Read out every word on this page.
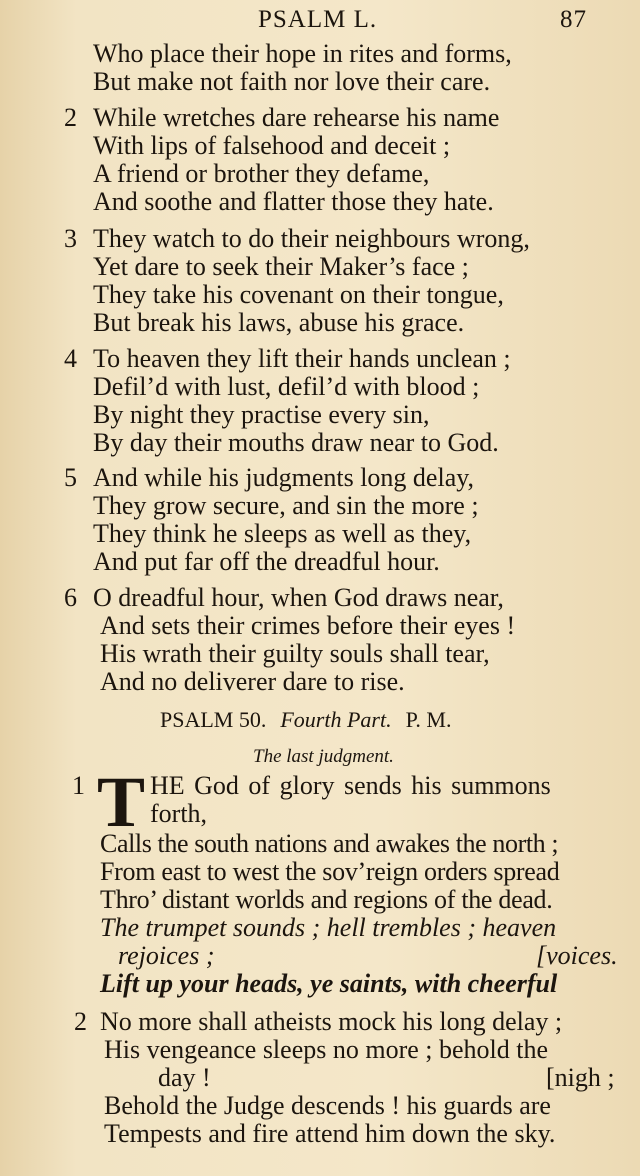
PSALM L.	87
Who place their hope in rites and forms,
But make not faith nor love their care.
2 While wretches dare rehearse his name
With lips of falsehood and deceit ;
A friend or brother they defame,
And soothe and flatter those they hate.
3 They watch to do their neighbours wrong,
Yet dare to seek their Maker’s face ;
They take his covenant on their tongue,
But break his laws, abuse his grace.
4 To heaven they lift their hands unclean ;
Defil’d with lust, defil’d with blood ;
By night they practise every sin,
By day their mouths draw near to God.
5 And while his judgments long delay,
They grow secure, and sin the more ;
They think he sleeps as well as they,
And put far off the dreadful hour.
6 O dreadful hour, when God draws near,
And sets their crimes before their eyes !
His wrath their guilty souls shall tear,
And no deliverer dare to rise.
PSALM 50. Fourth Part. P. M.
The last judgment.
1 T HE God of glory sends his summons
forth,
Calls the south nations and awakes the north ;
From east to west the sov’reign orders spread
Thro’ distant worlds and regions of the dead.
The trumpet sounds ; hell trembles ; heaven
rejoices ;	[voices.
Lift up your heads, ye saints, with cheerful
2 No more shall atheists mock his long delay ;
His vengeance sleeps no more ; behold the
day !	[nigh ;
Behold the Judge descends ! his guards are
Tempests and fire attend him down the sky.
